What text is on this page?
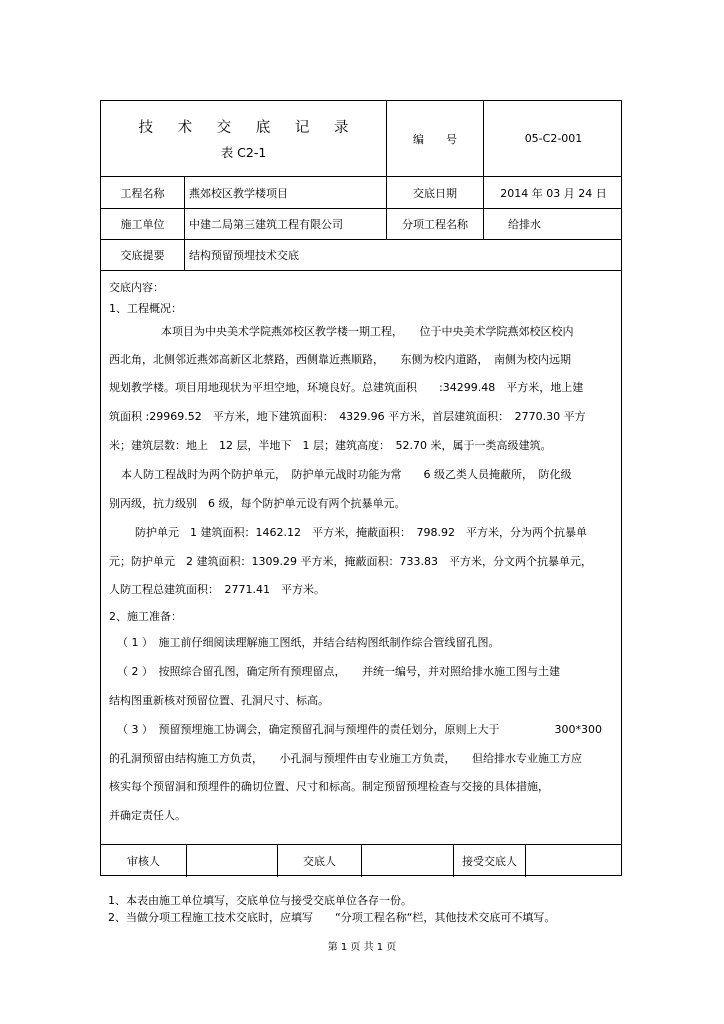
技 术 交 底 记 录
表 C2-1
编　　号	05-C2-001
工程名称	燕郊校区教学楼项目	交底日期	2014 年 03 月 24 日
施工单位	中建二局第三建筑工程有限公司	分项工程名称	给排水
交底提要	结构预留预埋技术交底
交底内容：
1、工程概况：
本项目为中央美术学院燕郊校区教学楼一期工程，　　位于中央美术学院燕郊校区校内
西北角，北侧邻近燕郊高新区北蔡路，西侧靠近燕顺路，　　东侧为校内道路，　南侧为校内远期
规划教学楼。项目用地现状为平坦空地，环境良好。总建筑面积　　:34299.48　平方米，地上建
筑面积 :29969.52　平方米，地下建筑面积：　4329.96 平方米，首层建筑面积：　2770.30 平方
米；建筑层数：地上　12 层，半地下　1 层；建筑高度：　52.70 米，属于一类高级建筑。
本人防工程战时为两个防护单元，　防护单元战时功能为常　　6 级乙类人员掩蔽所，　防化级
别丙级，抗力级别　6 级，每个防护单元设有两个抗暴单元。
防护单元　1 建筑面积：1462.12　平方米，掩蔽面积：　798.92　平方米，分为两个抗暴单
元；防护单元　2 建筑面积：1309.29 平方米，掩蔽面积：733.83　平方米，分文两个抗暴单元，
人防工程总建筑面积：　2771.41　平方米。
2、施工准备：
（ 1 ）　施工前仔细阅读理解施工图纸，并结合结构图纸制作综合管线留孔图。
（ 2 ）　按照综合留孔图，确定所有预理留点，　　并统一编号，并对照给排水施工图与土建
结构图重新核对预留位置、孔洞尺寸、标高。
（ 3 ）　预留预埋施工协调会，确定预留孔洞与预埋件的责任划分，原则上大于　　　　　300*300
的孔洞预留由结构施工方负责，　　小孔洞与预埋件由专业施工方负责，　　但给排水专业施工方应
核实每个预留洞和预埋件的确切位置、尺寸和标高。制定预留预埋检查与交接的具体措施，
并确定责任人。
审核人	交底人	接受交底人
1、本表由施工单位填写，交底单位与接受交底单位各存一份。
2、当做分项工程施工技术交底时，应填写　　“分项工程名称“栏，其他技术交底可不填写。
第 1 页 共 1 页
